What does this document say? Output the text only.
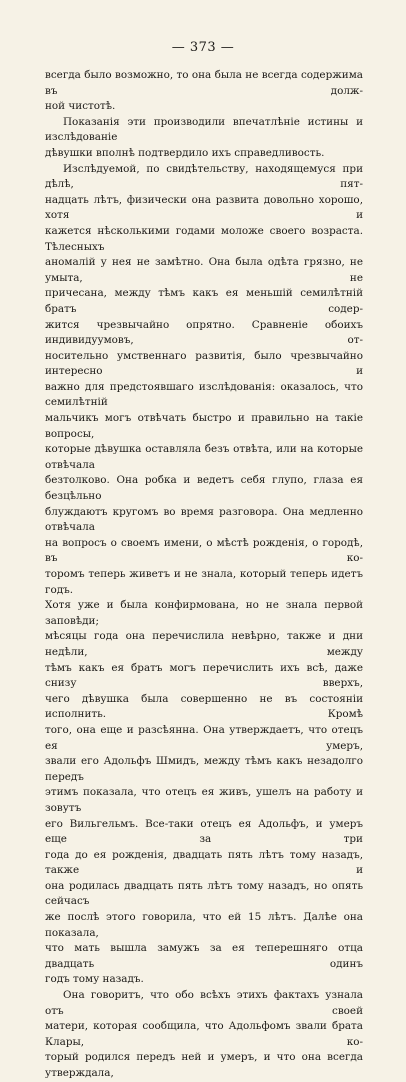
— 373 —

всегда было возможно, то она была не всегда содержима въ долж-

ной чистотѣ.

Показанія эти производили впечатлѣніе истины и изслѣдованіе

дѣвушки вполнѣ подтвердило ихъ справедливость.

Изслѣдуемой, по свидѣтельству, находящемуся при дѣлѣ, пят-

надцать лѣтъ, физически она развита довольно хорошо, хотя и

кажется нѣсколькими годами моложе своего возраста. Тѣлесныхъ

аномалій у нея не замѣтно. Она была одѣта грязно, не умыта, не

причесана, между тѣмъ какъ ея меньшій семилѣтній братъ содер-

жится чрезвычайно опрятно. Сравненіе обоихъ индивидуумовъ, от-

носительно умственнаго развитія, было чрезвычайно интересно и

важно для предстоявшаго изслѣдованія: оказалось, что семилѣтній

мальчикъ могъ отвѣчать быстро и правильно на такіе вопросы,

которые дѣвушка оставляла безъ отвѣта, или на которые отвѣчала

безтолково. Она робка и ведетъ себя глупо, глаза ея безцѣльно

блуждаютъ кругомъ во время разговора. Она медленно отвѣчала

на вопросъ о своемъ имени, о мѣстѣ рожденія, о городѣ, въ ко-

торомъ теперь живетъ и не знала, который теперь идетъ годъ.

Хотя уже и была конфирмована, но не знала первой заповѣди;

мѣсяцы года она перечислила невѣрно, также и дни недѣли, между

тѣмъ какъ ея братъ могъ перечислить ихъ всѣ, даже снизу вверхъ,

чего дѣвушка была совершенно не въ состояніи исполнить. Кромѣ

того, она еще и разсѣянна. Она утверждаетъ, что отецъ ея умеръ,

звали его Адольфъ Шмидъ, между тѣмъ какъ незадолго передъ

этимъ показала, что отецъ ея живъ, ушелъ на работу и зовутъ

его Вильгельмъ. Все-таки отецъ ея Адольфъ, и умеръ еще за три

года до ея рожденія, двадцать пять лѣтъ тому назадъ, также и

она родилась двадцать пять лѣтъ тому назадъ, но опять сейчасъ

же послѣ этого говорила, что ей 15 лѣтъ. Далѣе она показала,

что мать вышла замужъ за ея теперешняго отца двадцать одинъ

годъ тому назадъ.

Она говоритъ, что обо всѣхъ этихъ фактахъ узнала отъ своей

матери, которая сообщила, что Адольфомъ звали брата Клары, ко-

торый родился передъ ней и умеръ, и что она всегда утверждала,
